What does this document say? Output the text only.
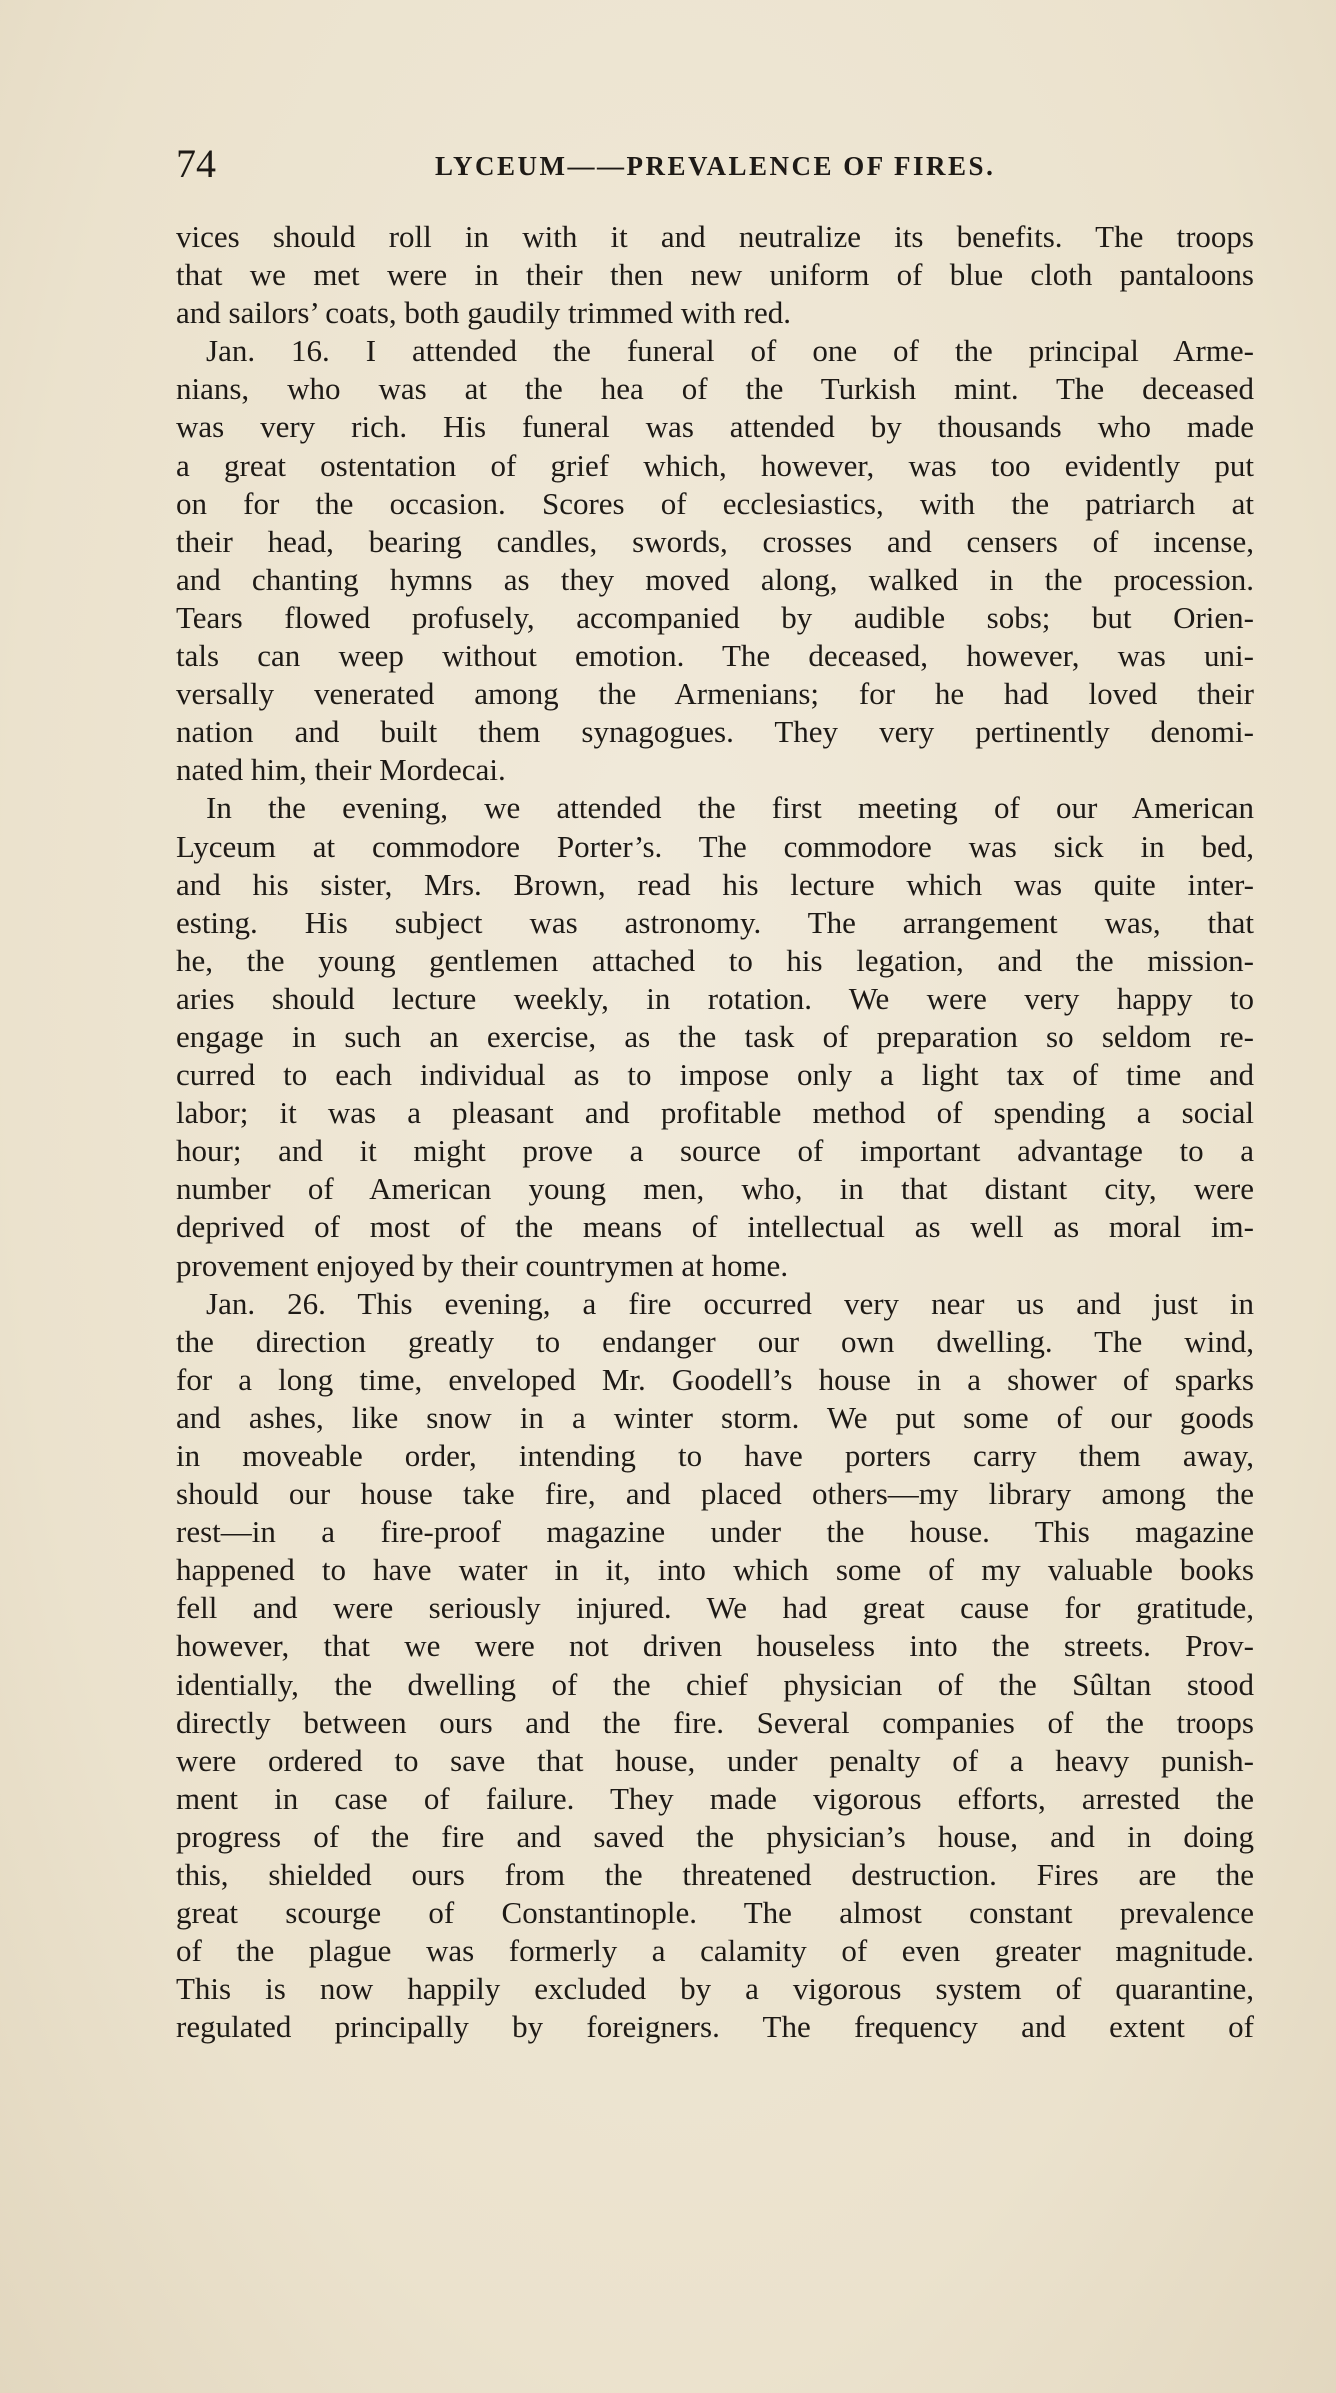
74	LYCEUM——PREVALENCE OF FIRES.

vices should roll in with it and neutralize its benefits. The troops

that we met were in their then new uniform of blue cloth pantaloons

and sailors’ coats, both gaudily trimmed with red.

Jan. 16. I attended the funeral of one of the principal Arme-

nians, who was at the hea of the Turkish mint. The deceased

was very rich. His funeral was attended by thousands who made

a great ostentation of grief which, however, was too evidently put

on for the occasion. Scores of ecclesiastics, with the patriarch at

their head, bearing candles, swords, crosses and censers of incense,

and chanting hymns as they moved along, walked in the procession.

Tears flowed profusely, accompanied by audible sobs; but Orien-

tals can weep without emotion. The deceased, however, was uni-

versally venerated among the Armenians; for he had loved their

nation and built them synagogues. They very pertinently denomi-

nated him, their Mordecai.

In the evening, we attended the first meeting of our American

Lyceum at commodore Porter’s. The commodore was sick in bed,

and his sister, Mrs. Brown, read his lecture which was quite inter-

esting. His subject was astronomy. The arrangement was, that

he, the young gentlemen attached to his legation, and the mission-

aries should lecture weekly, in rotation. We were very happy to

engage in such an exercise, as the task of preparation so seldom re-

curred to each individual as to impose only a light tax of time and

labor; it was a pleasant and profitable method of spending a social

hour; and it might prove a source of important advantage to a

number of American young men, who, in that distant city, were

deprived of most of the means of intellectual as well as moral im-

provement enjoyed by their countrymen at home.

Jan. 26. This evening, a fire occurred very near us and just in

the direction greatly to endanger our own dwelling. The wind,

for a long time, enveloped Mr. Goodell’s house in a shower of sparks

and ashes, like snow in a winter storm. We put some of our goods

in moveable order, intending to have porters carry them away,

should our house take fire, and placed others—my library among the

rest—in a fire-proof magazine under the house. This magazine

happened to have water in it, into which some of my valuable books

fell and were seriously injured. We had great cause for gratitude,

however, that we were not driven houseless into the streets. Prov-

identially, the dwelling of the chief physician of the Sûltan stood

directly between ours and the fire. Several companies of the troops

were ordered to save that house, under penalty of a heavy punish-

ment in case of failure. They made vigorous efforts, arrested the

progress of the fire and saved the physician’s house, and in doing

this, shielded ours from the threatened destruction. Fires are the

great scourge of Constantinople. The almost constant prevalence

of the plague was formerly a calamity of even greater magnitude.

This is now happily excluded by a vigorous system of quarantine,

regulated principally by foreigners. The frequency and extent of
